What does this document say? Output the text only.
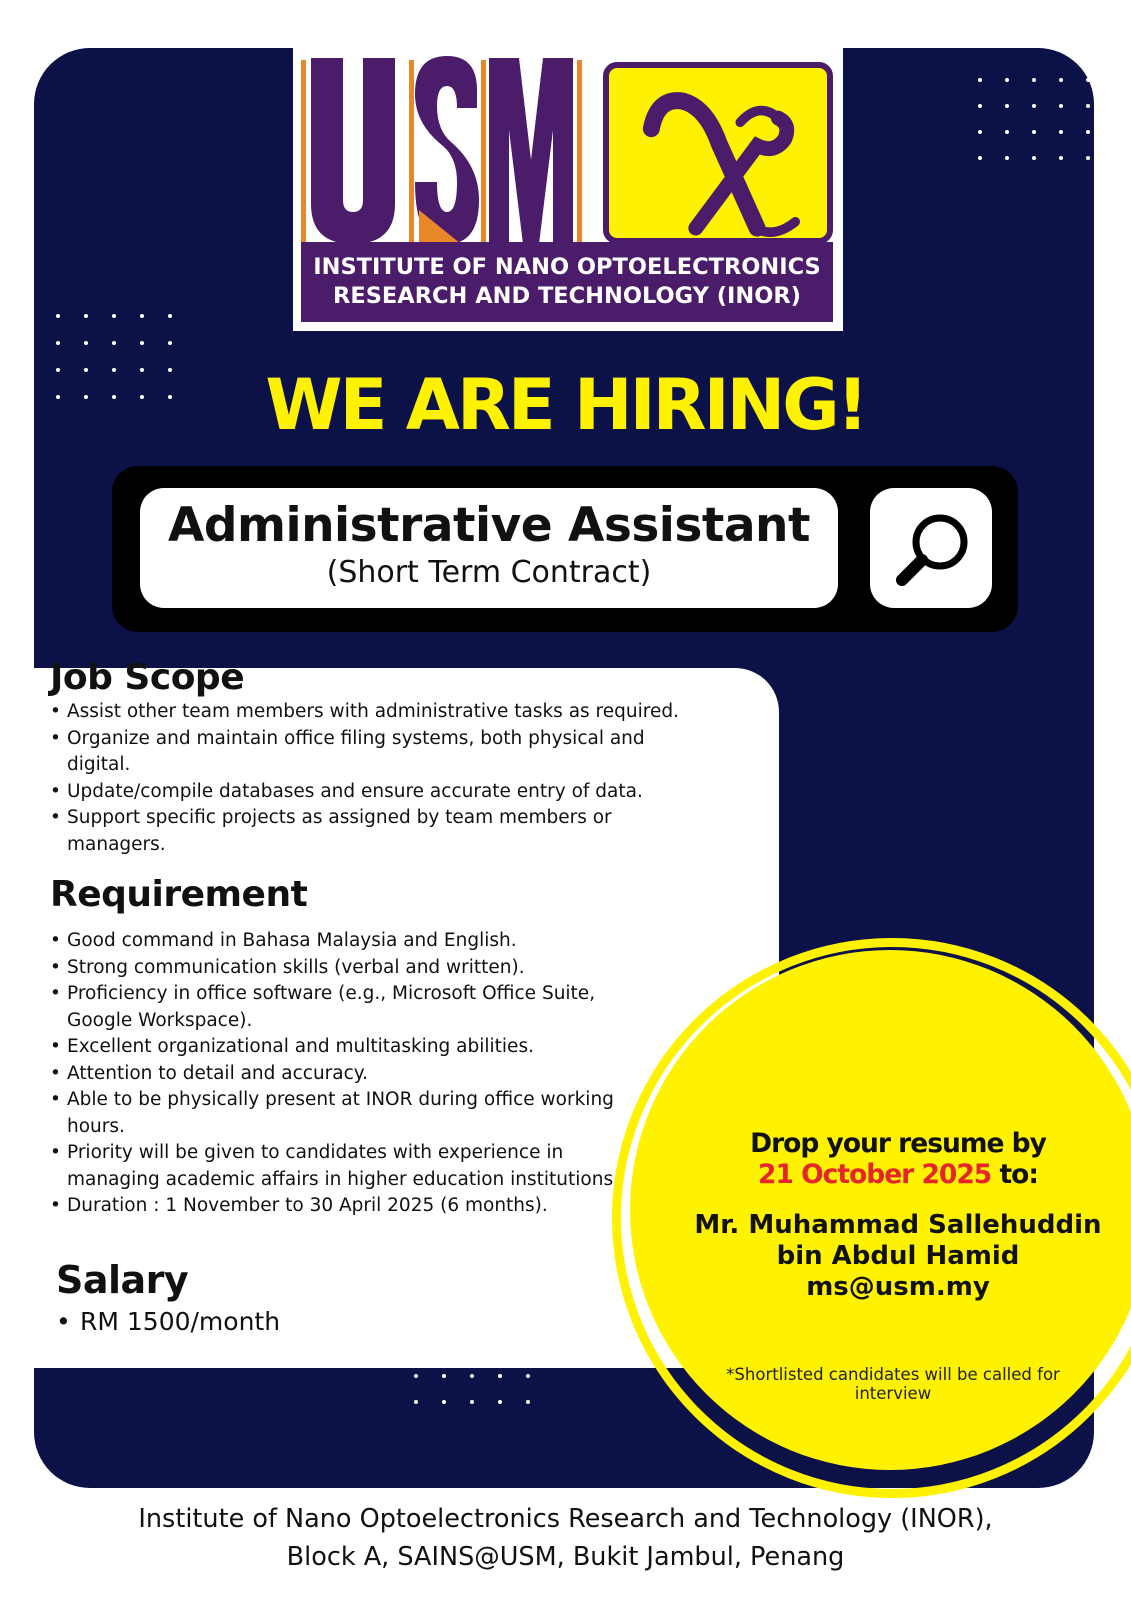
INSTITUTE OF NANO OPTOELECTRONICS
RESEARCH AND TECHNOLOGY (INOR)
WE ARE HIRING!
Administrative Assistant
(Short Term Contract)
Job Scope
• Assist other team members with administrative tasks as required.
• Organize and maintain office filing systems, both physical and digital.
• Update/compile databases and ensure accurate entry of data.
• Support specific projects as assigned by team members or managers.
Requirement
• Good command in Bahasa Malaysia and English.
• Strong communication skills (verbal and written).
• Proficiency in office software (e.g., Microsoft Office Suite, Google Workspace).
• Excellent organizational and multitasking abilities.
• Attention to detail and accuracy.
• Able to be physically present at INOR during office working hours.
• Priority will be given to candidates with experience in managing academic affairs in higher education institutions.
• Duration : 1 November to 30 April 2025 (6 months).
Salary
• RM 1500/month
Drop your resume by
21 October 2025 to:
Mr. Muhammad Sallehuddin
bin Abdul Hamid
ms@usm.my
*Shortlisted candidates will be called for interview
Institute of Nano Optoelectronics Research and Technology (INOR),
Block A, SAINS@USM, Bukit Jambul, Penang
